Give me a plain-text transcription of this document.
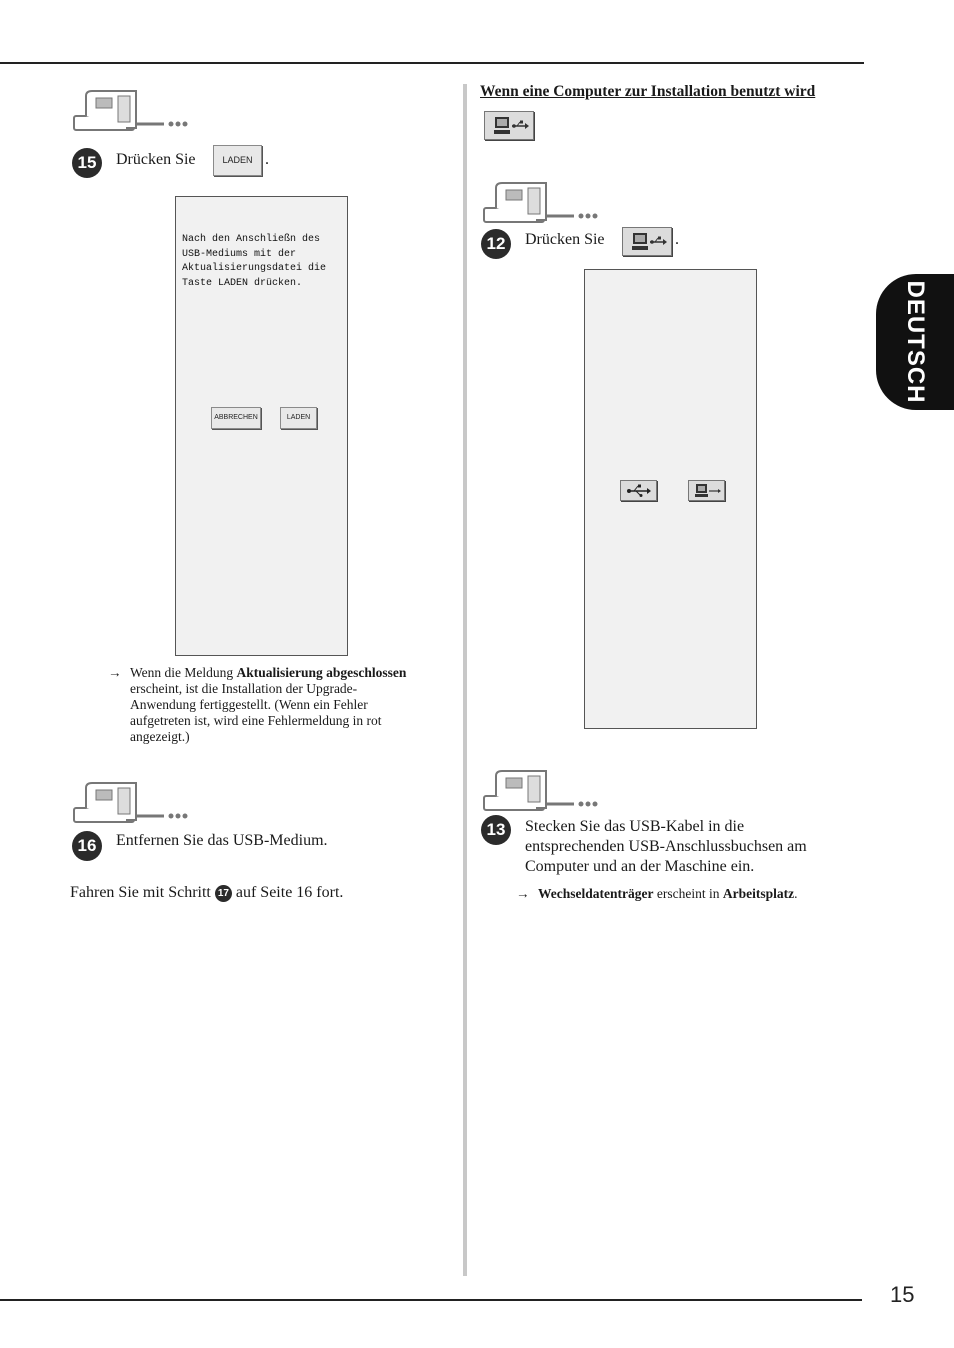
15
DEUTSCH
15	Drücken Sie	LADEN .
Nach den Anschließn des
USB-Mediums mit der
Aktualisierungsdatei die
Taste LADEN drücken.
ABBRECHEN	LADEN
→ Wenn die Meldung Aktualisierung abgeschlossen
erscheint, ist die Installation der Upgrade-
Anwendung fertiggestellt. (Wenn ein Fehler
aufgetreten ist, wird eine Fehlermeldung in rot
angezeigt.)
16	Entfernen Sie das USB-Medium.
Fahren Sie mit Schritt 17 auf Seite 16 fort.
Wenn eine Computer zur Installation benutzt wird
12	Drücken Sie	.
13	Stecken Sie das USB-Kabel in die
entsprechenden USB-Anschlussbuchsen am
Computer und an der Maschine ein.
→ Wechseldatenträger erscheint in Arbeitsplatz.
